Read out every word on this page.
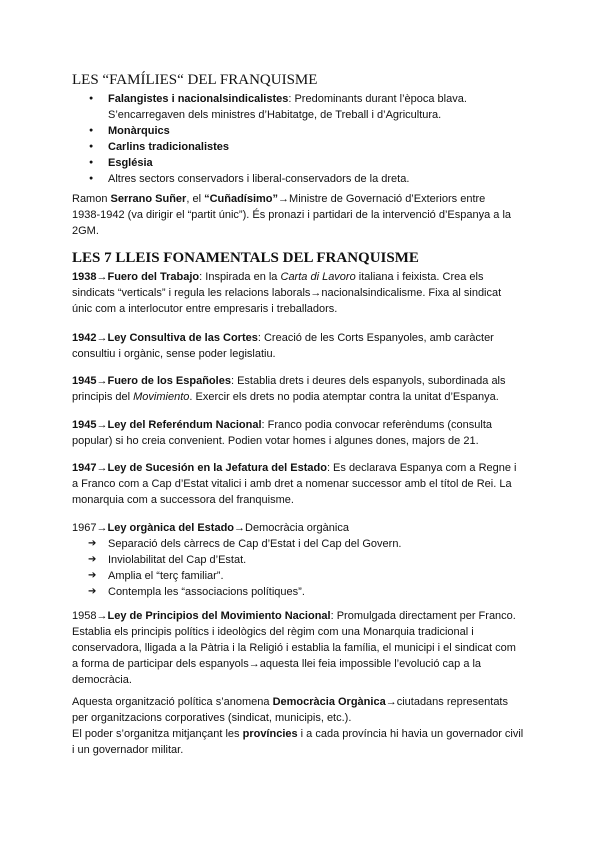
LES “FAMÍLIES“ DEL FRANQUISME
● Falangistes i nacionalsindicalistes: Predominants durant l’època blava.
S’encarregaven dels ministres d’Habitatge, de Treball i d’Agricultura.
● Monàrquics
● Carlins tradicionalistes
● Església
● Altres sectors conservadors i liberal-conservadors de la dreta.
Ramon Serrano Suñer, el “Cuñadísimo”→Ministre de Governació d’Exteriors entre
1938-1942 (va dirigir el “partit únic”). És pronazi i partidari de la intervenció d’Espanya a la
2GM.
LES 7 LLEIS FONAMENTALS DEL FRANQUISME
1938→Fuero del Trabajo: Inspirada en la Carta di Lavoro italiana i feixista. Crea els
sindicats “verticals” i regula les relacions laborals→nacionalsindicalisme. Fixa al sindicat
únic com a interlocutor entre empresaris i treballadors.
1942→Ley Consultiva de las Cortes: Creació de les Corts Espanyoles, amb caràcter
consultiu i orgànic, sense poder legislatiu.
1945→Fuero de los Españoles: Establia drets i deures dels espanyols, subordinada als
principis del Movimiento. Exercir els drets no podia atemptar contra la unitat d’Espanya.
1945→Ley del Referéndum Nacional: Franco podia convocar referèndums (consulta
popular) si ho creia convenient. Podien votar homes i algunes dones, majors de 21.
1947→Ley de Sucesión en la Jefatura del Estado: Es declarava Espanya com a Regne i
a Franco com a Cap d’Estat vitalici i amb dret a nomenar successor amb el títol de Rei. La
monarquia com a successora del franquisme.
1967→Ley orgànica del Estado→Democràcia orgànica
➔ Separació dels càrrecs de Cap d’Estat i del Cap del Govern.
➔ Inviolabilitat del Cap d’Estat.
➔ Amplia el “terç familiar”.
➔ Contempla les “associacions polítiques”.
1958→Ley de Principios del Movimiento Nacional: Promulgada directament per Franco.
Establia els principis polítics i ideològics del règim com una Monarquia tradicional i
conservadora, lligada a la Pàtria i la Religió i establia la família, el municipi i el sindicat com
a forma de participar dels espanyols→aquesta llei feia impossible l’evolució cap a la
democràcia.
Aquesta organització política s’anomena Democràcia Orgànica→ciutadans representats
per organitzacions corporatives (sindicat, municipis, etc.).
El poder s’organitza mitjançant les províncies i a cada província hi havia un governador civil
i un governador militar.
